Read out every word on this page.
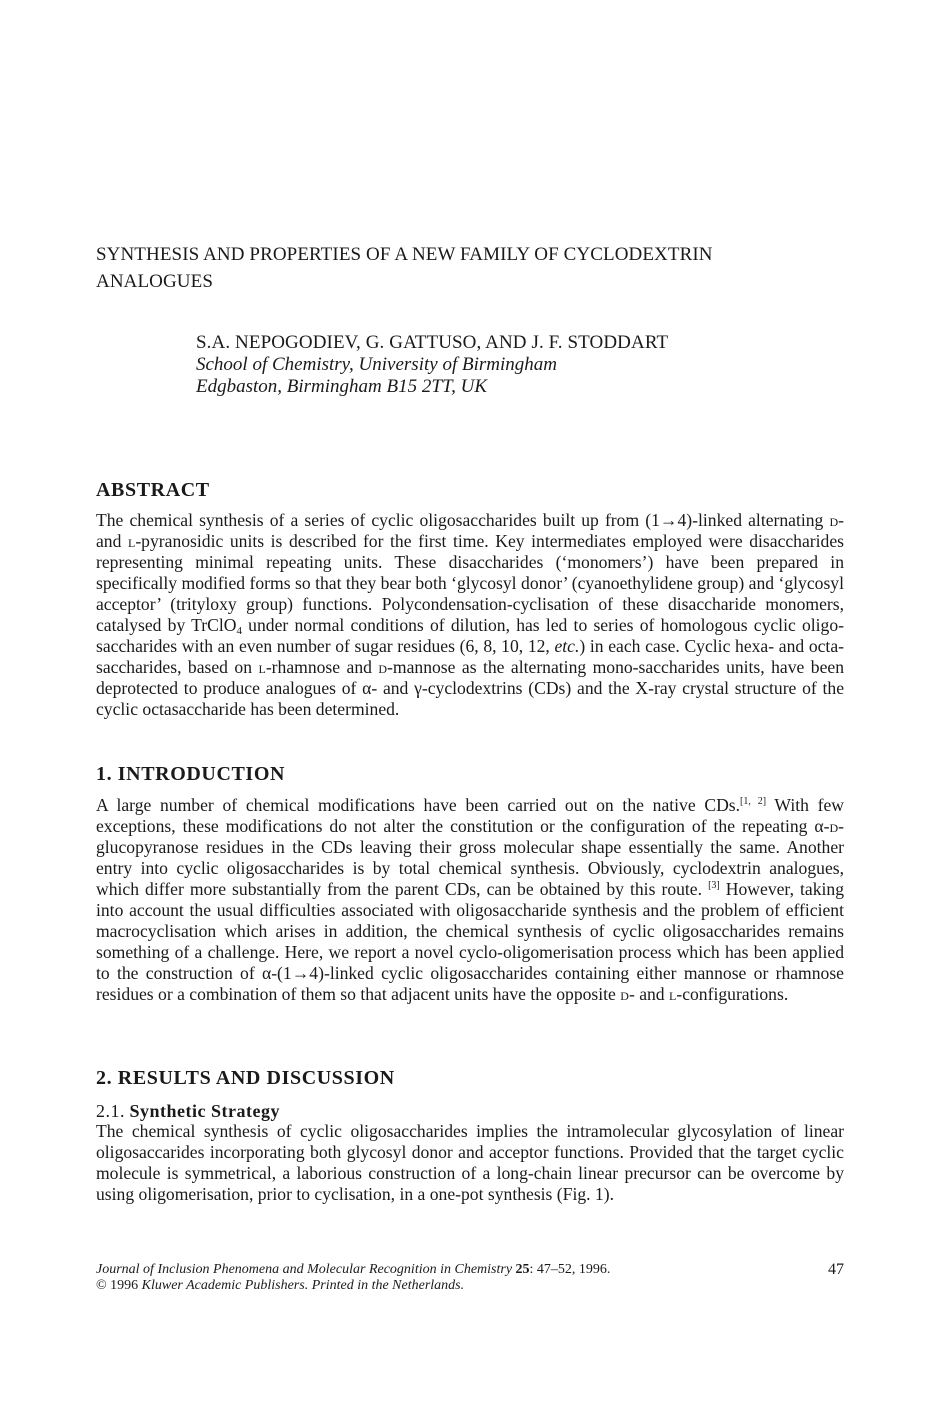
SYNTHESIS AND PROPERTIES OF A NEW FAMILY OF CYCLODEXTRIN
ANALOGUES
S.A. NEPOGODIEV, G. GATTUSO, AND J. F. STODDART
School of Chemistry, University of Birmingham
Edgbaston, Birmingham B15 2TT, UK
ABSTRACT

The chemical synthesis of a series of cyclic oligosaccharides built up from (1→4)-linked alternating d- and l-pyranosidic units is described for the first time. Key intermediates employed were disaccharides representing minimal repeating units. These disaccharides (‘monomers’) have been prepared in specifically modified forms so that they bear both ‘glycosyl donor’ (cyanoethylidene group) and ‘glycosyl acceptor’ (trityloxy group) functions. Polycondensation-cyclisation of these disaccharide monomers, catalysed by TrClO$_4$ under normal conditions of dilution, has led to series of homologous cyclic oligo-saccharides with an even number of sugar residues (6, 8, 10, 12, etc.) in each case. Cyclic hexa- and octa-saccharides, based on l-rhamnose and d-mannose as the alternating mono-saccharides units, have been deprotected to produce analogues of α- and γ-cyclodextrins (CDs) and the X-ray crystal structure of the cyclic octasaccharide has been determined.

1. INTRODUCTION

A large number of chemical modifications have been carried out on the native CDs.[1, 2] With few exceptions, these modifications do not alter the constitution or the configuration of the repeating α-d-glucopyranose residues in the CDs leaving their gross molecular shape essentially the same. Another entry into cyclic oligosaccharides is by total chemical synthesis. Obviously, cyclodextrin analogues, which differ more substantially from the parent CDs, can be obtained by this route. [3] However, taking into account the usual difficulties associated with oligosaccharide synthesis and the problem of efficient macrocyclisation which arises in addition, the chemical synthesis of cyclic oligosaccharides remains something of a challenge. Here, we report a novel cyclo-oligomerisation process which has been applied to the construction of α-(1→4)-linked cyclic oligosaccharides containing either mannose or rhamnose residues or a combination of them so that adjacent units have the opposite d- and l-configurations.

2. RESULTS AND DISCUSSION
2.1. Synthetic Strategy

The chemical synthesis of cyclic oligosaccharides implies the intramolecular glycosylation of linear oligosaccarides incorporating both glycosyl donor and acceptor functions. Provided that the target cyclic molecule is symmetrical, a laborious construction of a long-chain linear precursor can be overcome by using oligomerisation, prior to cyclisation, in a one-pot synthesis (Fig. 1).

Journal of Inclusion Phenomena and Molecular Recognition in Chemistry 25: 47–52, 1996.
© 1996 Kluwer Academic Publishers. Printed in the Netherlands.
47
